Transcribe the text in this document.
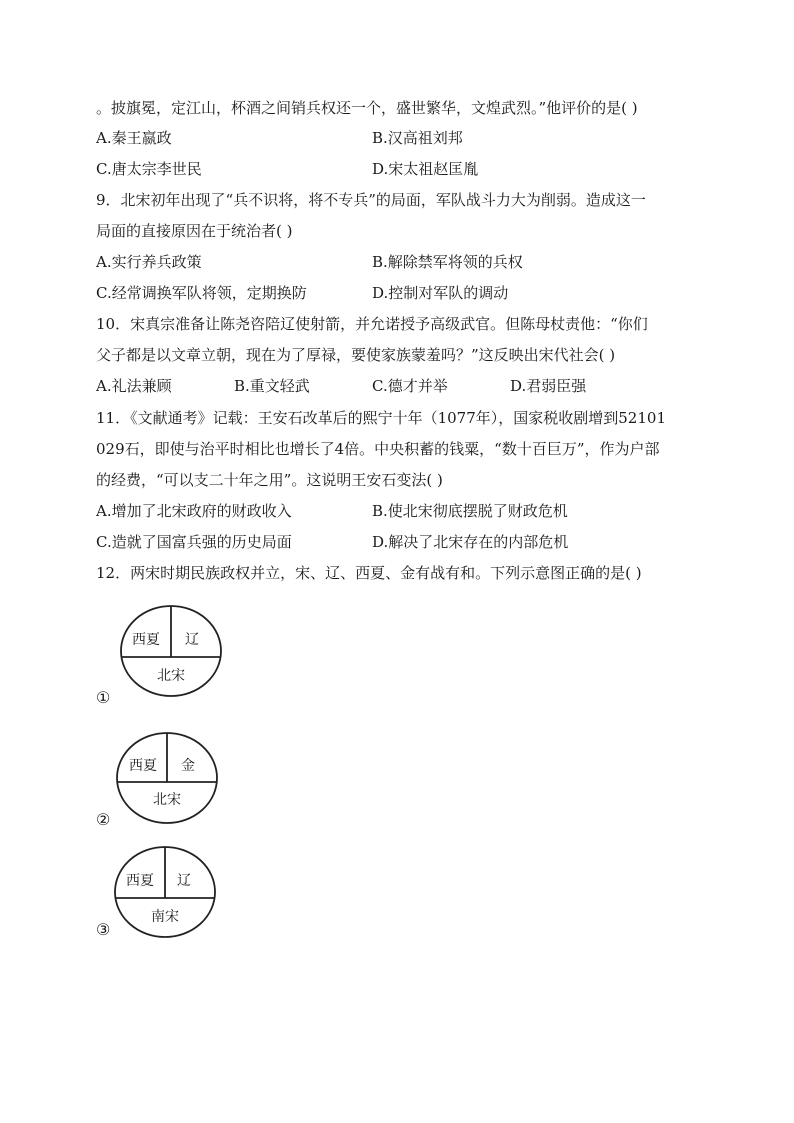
。披旗冕，定江山，杯酒之间销兵权还一个，盛世繁华，文煌武烈。”他评价的是( )
A.秦王嬴政	B.汉高祖刘邦
C.唐太宗李世民	D.宋太祖赵匡胤
9．北宋初年出现了“兵不识将，将不专兵”的局面，军队战斗力大为削弱。造成这一
局面的直接原因在于统治者( )
A.实行养兵政策	B.解除禁军将领的兵权
C.经常调换军队将领，定期换防	D.控制对军队的调动
10．宋真宗准备让陈尧咨陪辽使射箭，并允诺授予高级武官。但陈母杖责他：“你们
父子都是以文章立朝，现在为了厚禄，要使家族蒙羞吗？”这反映出宋代社会( )
A.礼法兼顾	B.重文轻武	C.德才并举	D.君弱臣强
11．《文献通考》记载：王安石改革后的熙宁十年（1077年），国家税收剧增到52101
029石，即使与治平时相比也增长了4倍。中央积蓄的钱粟，“数十百巨万”，作为户部
的经费，“可以支二十年之用”。这说明王安石变法( )
A.增加了北宋政府的财政收入	B.使北宋彻底摆脱了财政危机
C.造就了国富兵强的历史局面	D.解决了北宋存在的内部危机
12．两宋时期民族政权并立，宋、辽、西夏、金有战有和。下列示意图正确的是( )
西夏 辽
北宋
①
西夏 金
北宋
②
西夏 辽
南宋
③
